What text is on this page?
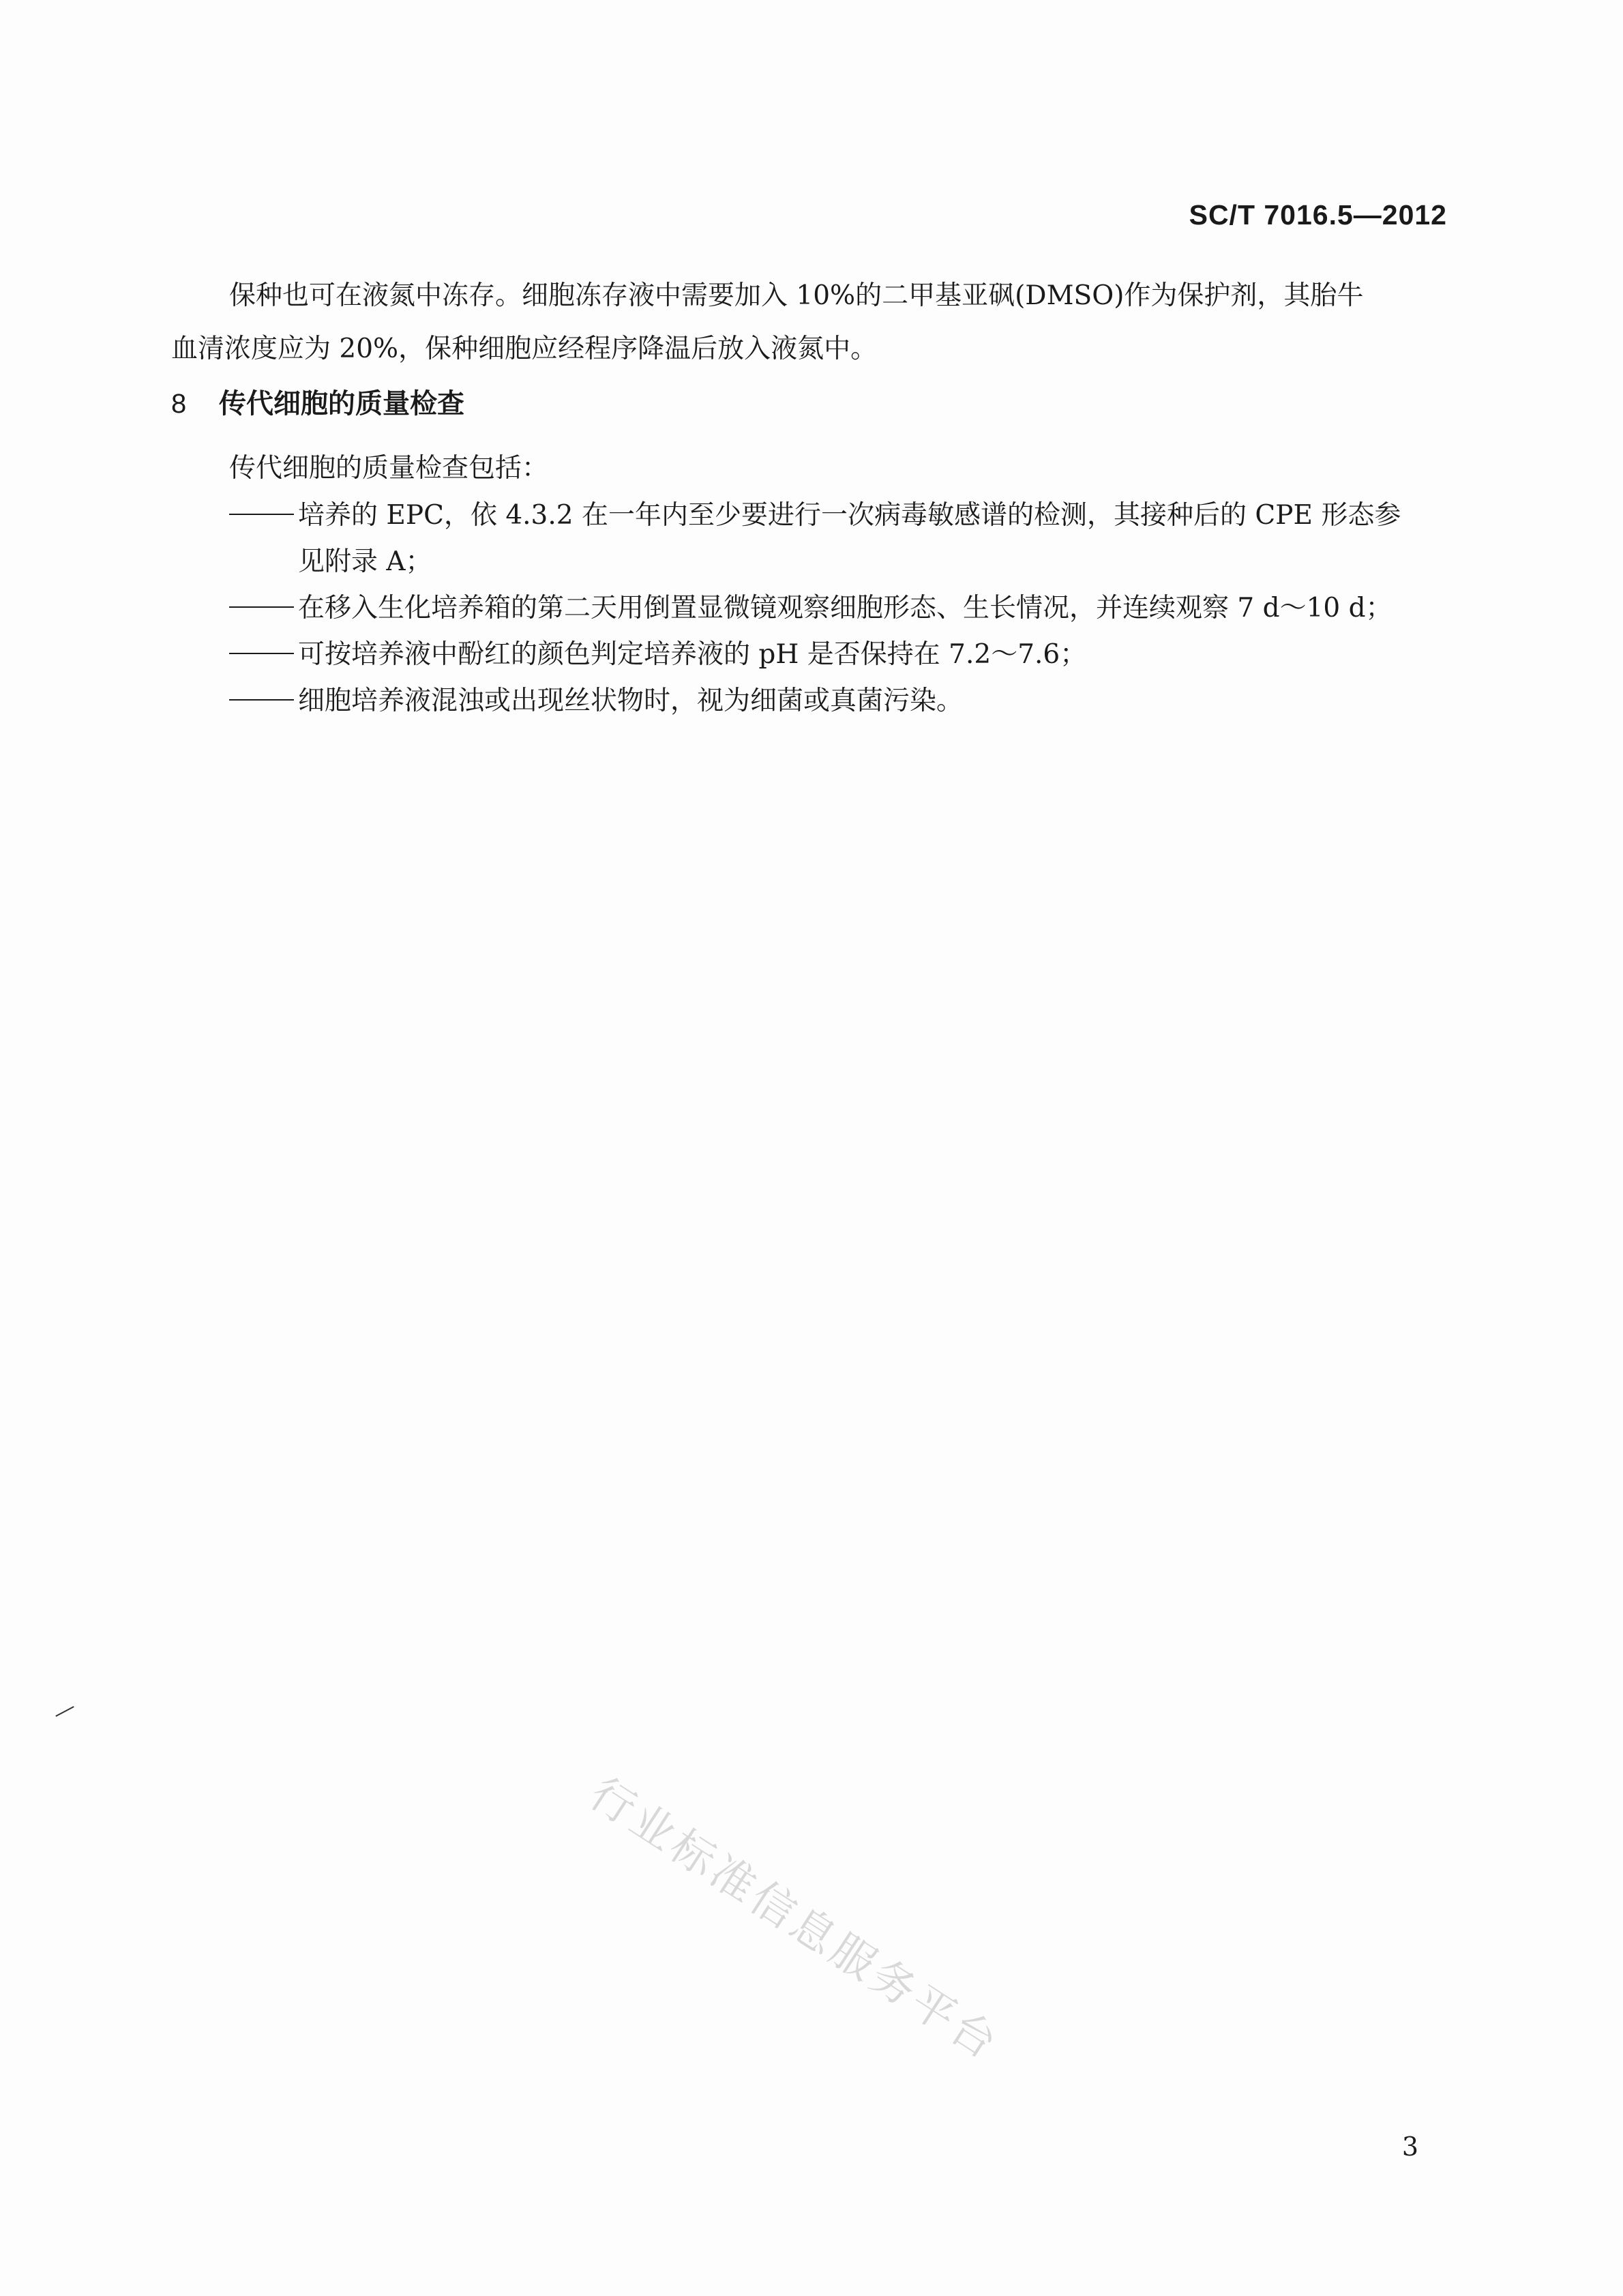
SC/T 7016.5—2012
保种也可在液氮中冻存。细胞冻存液中需要加入 10%的二甲基亚砜(DMSO)作为保护剂，其胎牛
血清浓度应为 20%，保种细胞应经程序降温后放入液氮中。
8 传代细胞的质量检查
传代细胞的质量检查包括：
培养的 EPC，依 4.3.2 在一年内至少要进行一次病毒敏感谱的检测，其接种后的 CPE 形态参
见附录 A；
在移入生化培养箱的第二天用倒置显微镜观察细胞形态、生长情况，并连续观察 7 d～10 d；
可按培养液中酚红的颜色判定培养液的 pH 是否保持在 7.2～7.6；
细胞培养液混浊或出现丝状物时，视为细菌或真菌污染。
行业标准信息服务平台
3
